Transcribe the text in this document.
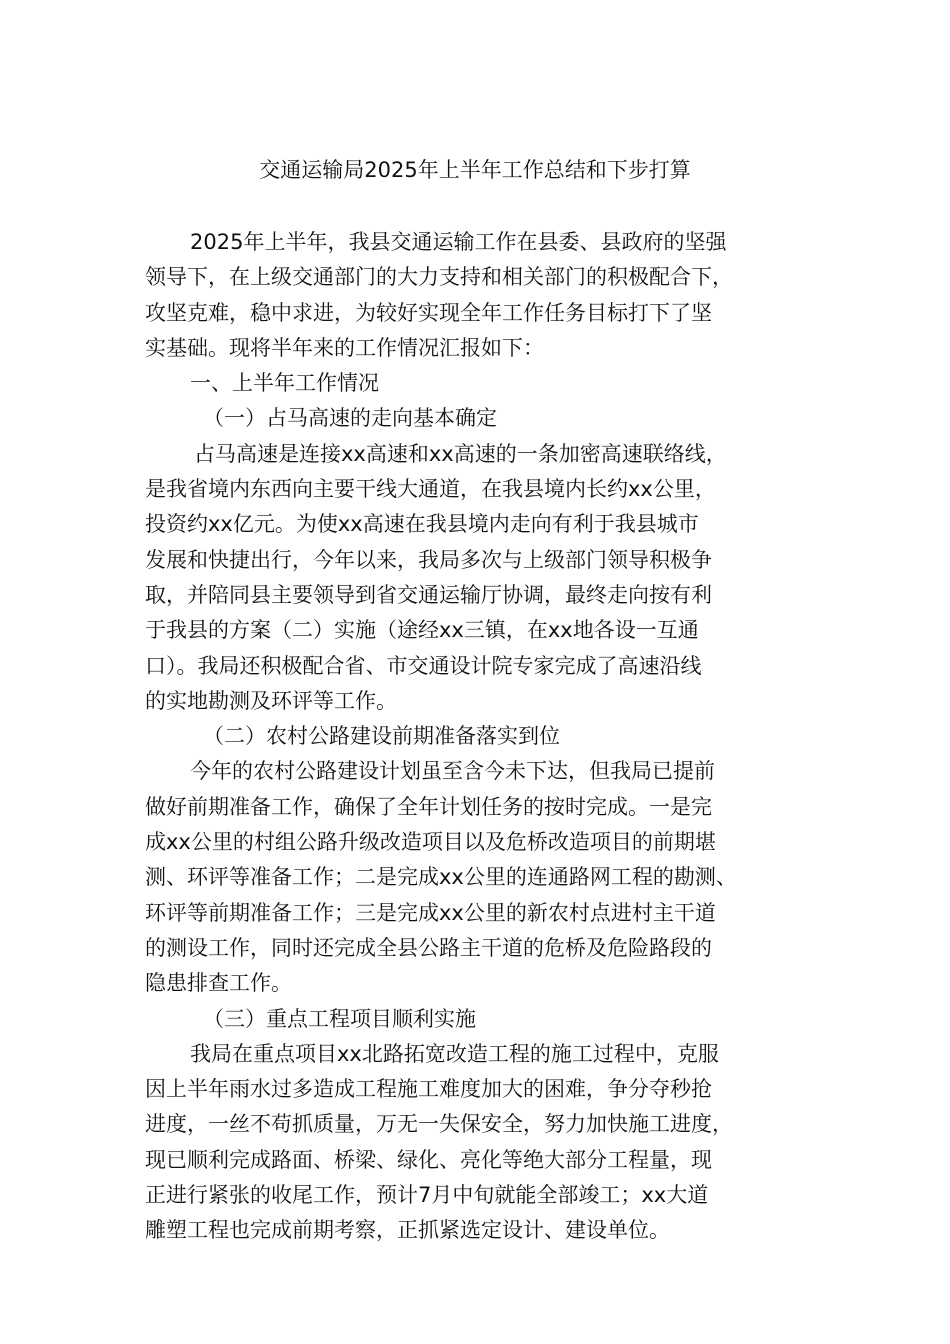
交通运输局2025年上半年工作总结和下步打算
2025年上半年，我县交通运输工作在县委、县政府的坚强
领导下，在上级交通部门的大力支持和相关部门的积极配合下，
攻坚克难，稳中求进，为较好实现全年工作任务目标打下了坚
实基础。现将半年来的工作情况汇报如下：
一、上半年工作情况
（一）占马高速的走向基本确定
占马高速是连接xx高速和xx高速的一条加密高速联络线，
是我省境内东西向主要干线大通道，在我县境内长约xx公里，
投资约xx亿元。为使xx高速在我县境内走向有利于我县城市
发展和快捷出行，今年以来，我局多次与上级部门领导积极争
取，并陪同县主要领导到省交通运输厅协调，最终走向按有利
于我县的方案（二）实施（途经xx三镇，在xx地各设一互通
口）。我局还积极配合省、市交通设计院专家完成了高速沿线
的实地勘测及环评等工作。
（二）农村公路建设前期准备落实到位
今年的农村公路建设计划虽至含今未下达，但我局已提前
做好前期准备工作，确保了全年计划任务的按时完成。一是完
成xx公里的村组公路升级改造项目以及危桥改造项目的前期堪
测、环评等准备工作；二是完成xx公里的连通路网工程的勘测、
环评等前期准备工作；三是完成xx公里的新农村点进村主干道
的测设工作，同时还完成全县公路主干道的危桥及危险路段的
隐患排查工作。
（三）重点工程项目顺利实施
我局在重点项目xx北路拓宽改造工程的施工过程中，克服
因上半年雨水过多造成工程施工难度加大的困难，争分夺秒抢
进度，一丝不苟抓质量，万无一失保安全，努力加快施工进度，
现已顺利完成路面、桥梁、绿化、亮化等绝大部分工程量，现
正进行紧张的收尾工作，预计7月中旬就能全部竣工；xx大道
雕塑工程也完成前期考察，正抓紧选定设计、建设单位。
